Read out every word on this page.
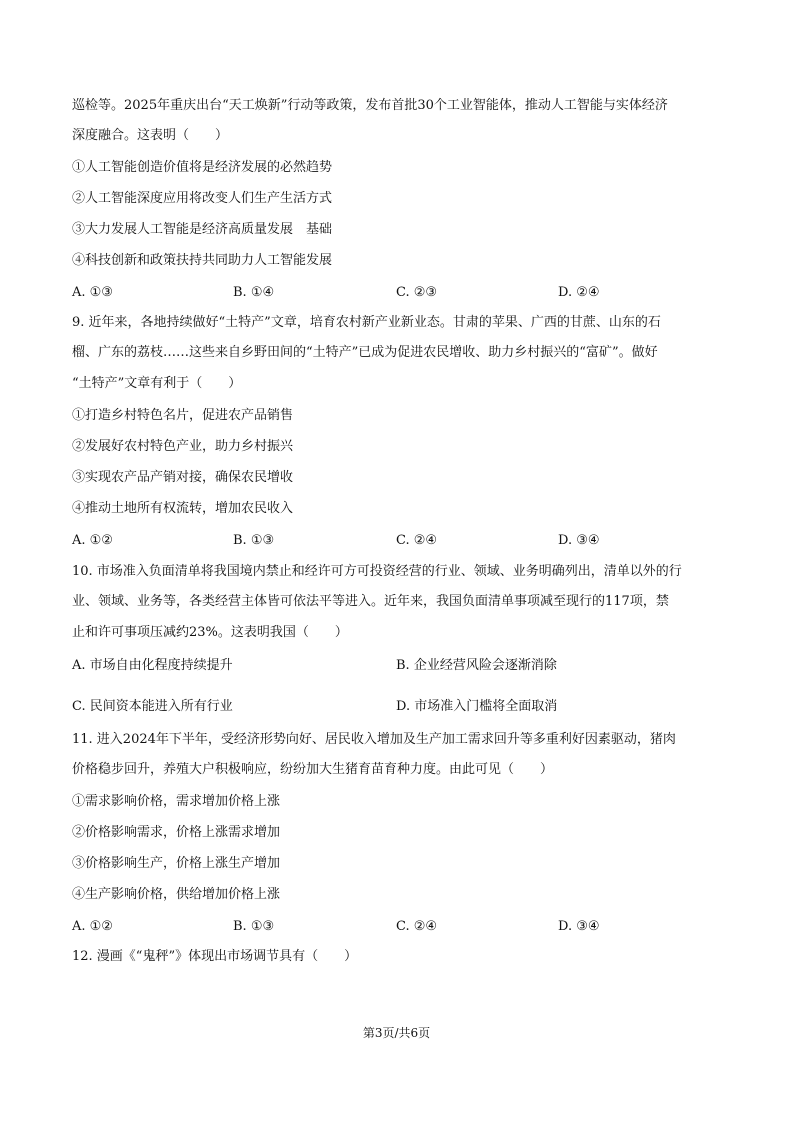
巡检等。2025年重庆出台“天工焕新”行动等政策，发布首批30个工业智能体，推动人工智能与实体经济
深度融合。这表明（　　）
①人工智能创造价值将是经济发展的必然趋势
②人工智能深度应用将改变人们生产生活方式
③大力发展人工智能是经济高质量发展　基础
④科技创新和政策扶持共同助力人工智能发展
A. ①③	B. ①④	C. ②③	D. ②④
9. 近年来，各地持续做好“土特产”文章，培育农村新产业新业态。甘肃的苹果、广西的甘蔗、山东的石
榴、广东的荔枝……这些来自乡野田间的“土特产”已成为促进农民增收、助力乡村振兴的“富矿”。做好
“土特产”文章有利于（　　）
①打造乡村特色名片，促进农产品销售
②发展好农村特色产业，助力乡村振兴
③实现农产品产销对接，确保农民增收
④推动土地所有权流转，增加农民收入
A. ①②	B. ①③	C. ②④	D. ③④
10. 市场准入负面清单将我国境内禁止和经许可方可投资经营的行业、领域、业务明确列出，清单以外的行
业、领域、业务等，各类经营主体皆可依法平等进入。近年来，我国负面清单事项减至现行的117项，禁
止和许可事项压减约23%。这表明我国（　　）
A. 市场自由化程度持续提升	B. 企业经营风险会逐渐消除
C. 民间资本能进入所有行业	D. 市场准入门槛将全面取消
11. 进入2024年下半年，受经济形势向好、居民收入增加及生产加工需求回升等多重利好因素驱动，猪肉
价格稳步回升，养殖大户积极响应，纷纷加大生猪育苗育种力度。由此可见（　　）
①需求影响价格，需求增加价格上涨
②价格影响需求，价格上涨需求增加
③价格影响生产，价格上涨生产增加
④生产影响价格，供给增加价格上涨
A. ①②	B. ①③	C. ②④	D. ③④
12. 漫画《“鬼秤”》体现出市场调节具有（　　）
第3页/共6页
